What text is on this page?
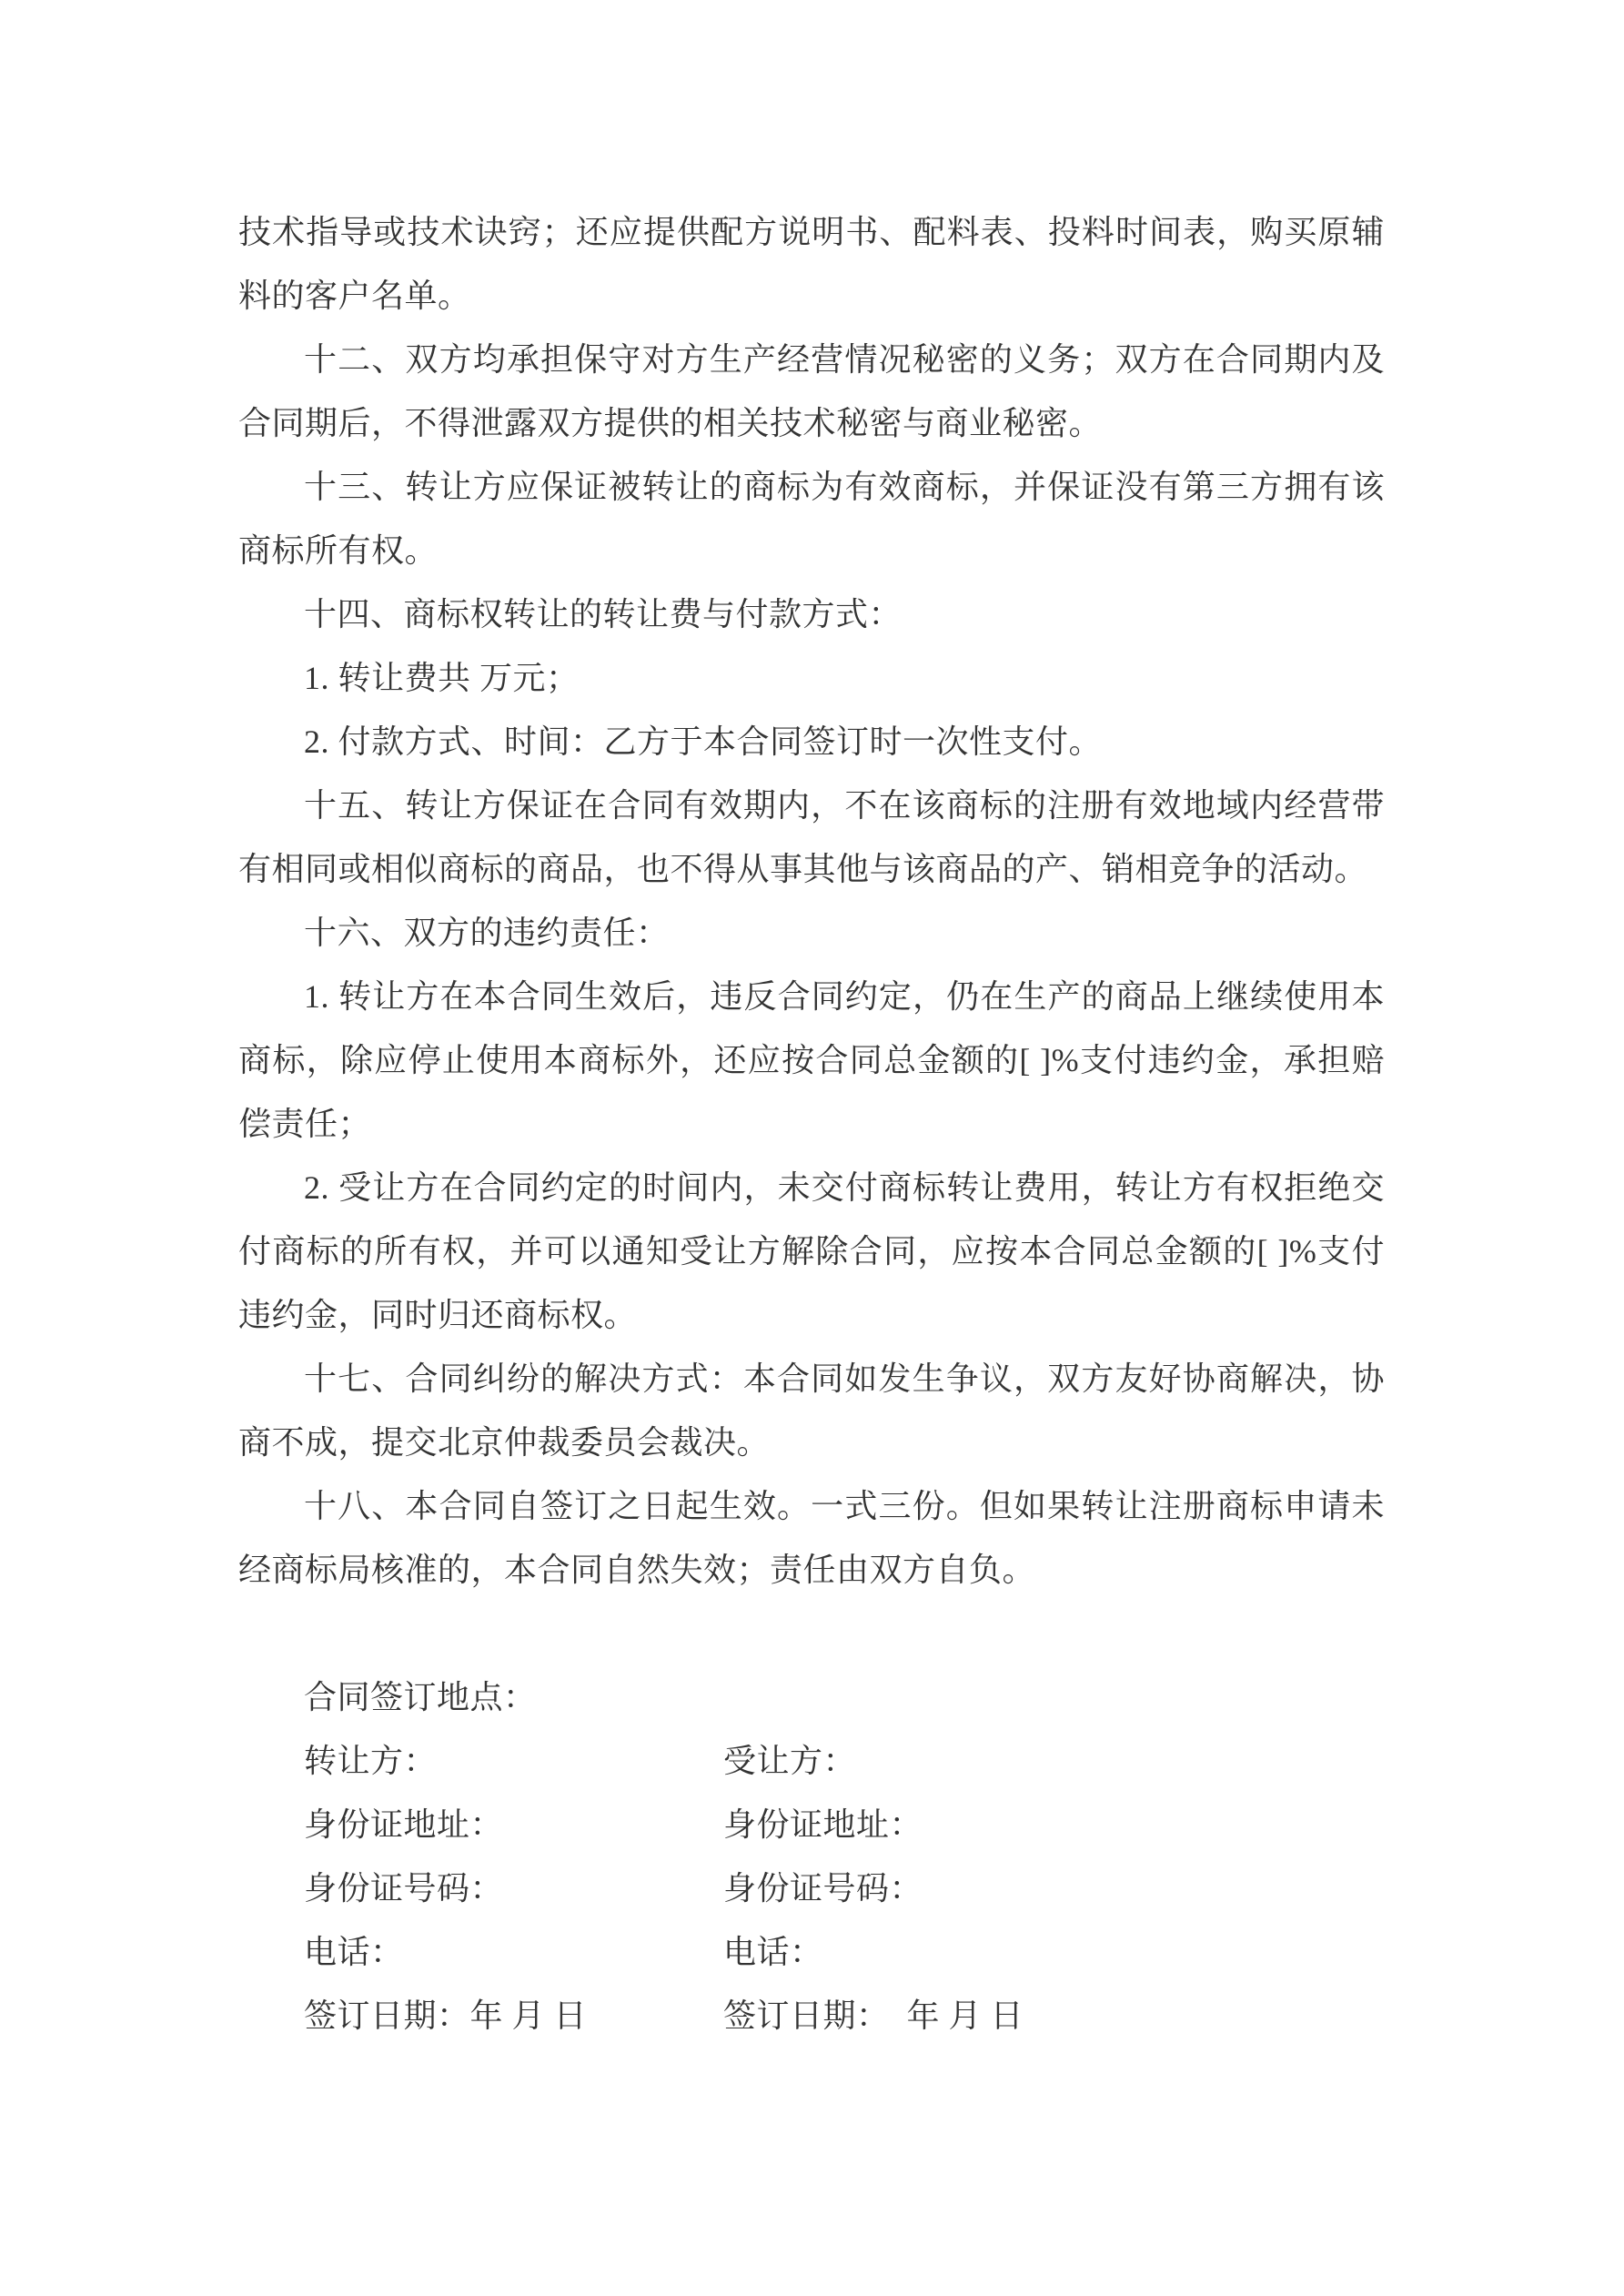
技术指导或技术诀窍；还应提供配方说明书、配料表、投料时间表，购买原辅料的客户名单。

十二、双方均承担保守对方生产经营情况秘密的义务；双方在合同期内及合同期后，不得泄露双方提供的相关技术秘密与商业秘密。

十三、转让方应保证被转让的商标为有效商标，并保证没有第三方拥有该商标所有权。

十四、商标权转让的转让费与付款方式：

1. 转让费共 万元；

2. 付款方式、时间：乙方于本合同签订时一次性支付。

十五、转让方保证在合同有效期内，不在该商标的注册有效地域内经营带有相同或相似商标的商品，也不得从事其他与该商品的产、销相竞争的活动。

十六、双方的违约责任：

1. 转让方在本合同生效后，违反合同约定，仍在生产的商品上继续使用本商标，除应停止使用本商标外，还应按合同总金额的[ ]%支付违约金，承担赔偿责任；

2. 受让方在合同约定的时间内，未交付商标转让费用，转让方有权拒绝交付商标的所有权，并可以通知受让方解除合同，应按本合同总金额的[ ]%支付违约金，同时归还商标权。

十七、合同纠纷的解决方式：本合同如发生争议，双方友好协商解决，协商不成，提交北京仲裁委员会裁决。

十八、本合同自签订之日起生效。一式三份。但如果转让注册商标申请未经商标局核准的，本合同自然失效；责任由双方自负。

合同签订地点：

转让方：	受让方：
身份证地址：	身份证地址：
身份证号码：	身份证号码：
电话：	电话：
签订日期：年 月 日	签订日期：  年 月 日
